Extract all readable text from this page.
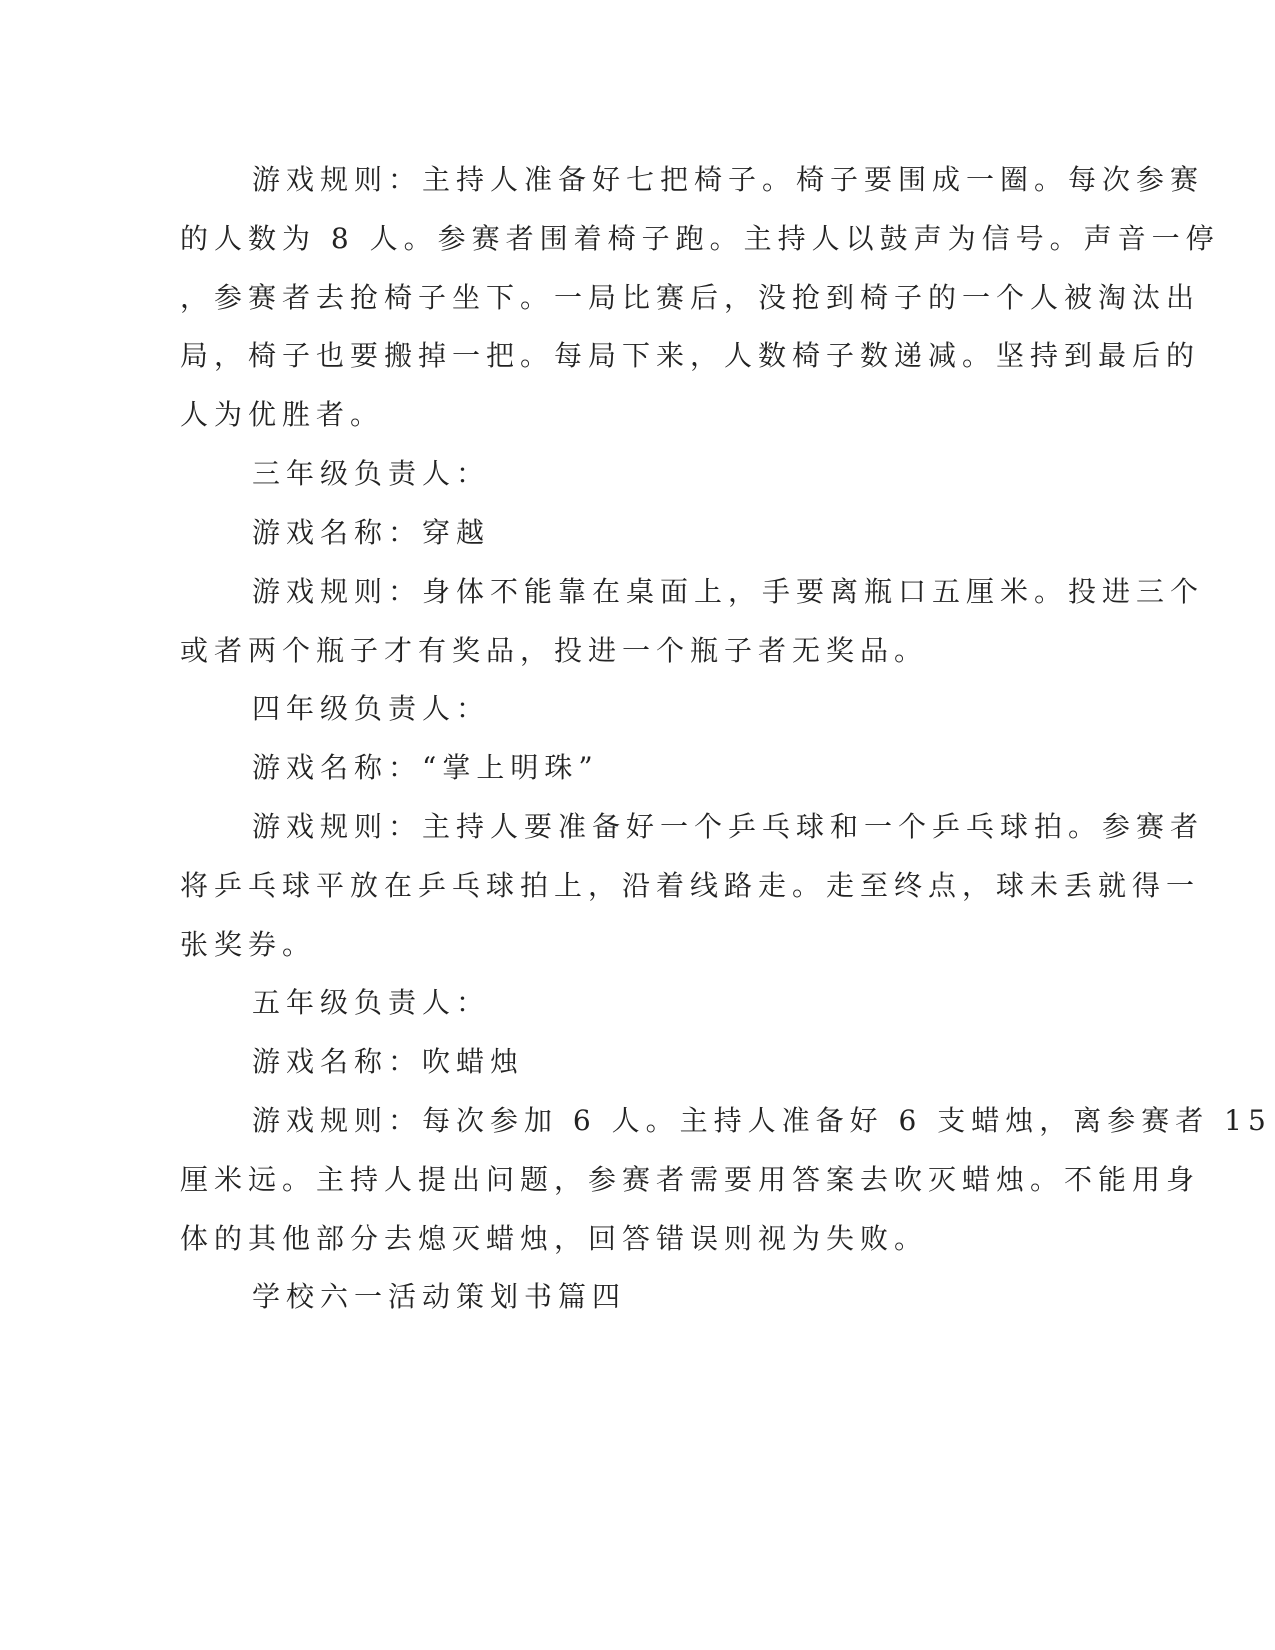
游戏规则：主持人准备好七把椅子。椅子要围成一圈。每次参赛

的人数为 8 人。参赛者围着椅子跑。主持人以鼓声为信号。声音一停

，参赛者去抢椅子坐下。一局比赛后，没抢到椅子的一个人被淘汰出

局，椅子也要搬掉一把。每局下来，人数椅子数递减。坚持到最后的

人为优胜者。

三年级负责人：

游戏名称：穿越

游戏规则：身体不能靠在桌面上，手要离瓶口五厘米。投进三个

或者两个瓶子才有奖品，投进一个瓶子者无奖品。

四年级负责人：

游戏名称：“掌上明珠”

游戏规则：主持人要准备好一个乒乓球和一个乒乓球拍。参赛者

将乒乓球平放在乒乓球拍上，沿着线路走。走至终点，球未丢就得一

张奖券。

五年级负责人：

游戏名称：吹蜡烛

游戏规则：每次参加 6 人。主持人准备好 6 支蜡烛，离参赛者 15

厘米远。主持人提出问题，参赛者需要用答案去吹灭蜡烛。不能用身

体的其他部分去熄灭蜡烛，回答错误则视为失败。

学校六一活动策划书篇四
